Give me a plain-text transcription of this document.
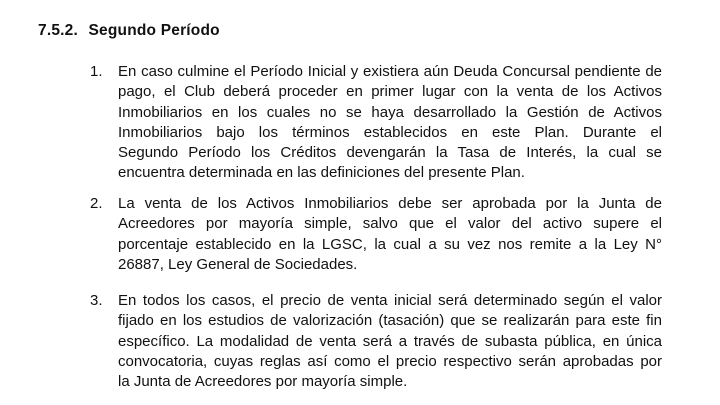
7.5.2. Segundo Período
1. En caso culmine el Período Inicial y existiera aún Deuda Concursal pendiente de
pago, el Club deberá proceder en primer lugar con la venta de los Activos
Inmobiliarios en los cuales no se haya desarrollado la Gestión de Activos
Inmobiliarios bajo los términos establecidos en este Plan. Durante el
Segundo Período los Créditos devengarán la Tasa de Interés, la cual se
encuentra determinada en las definiciones del presente Plan.
2. La venta de los Activos Inmobiliarios debe ser aprobada por la Junta de
Acreedores por mayoría simple, salvo que el valor del activo supere el
porcentaje establecido en la LGSC, la cual a su vez nos remite a la Ley N°
26887, Ley General de Sociedades.
3. En todos los casos, el precio de venta inicial será determinado según el valor
fijado en los estudios de valorización (tasación) que se realizarán para este fin
específico. La modalidad de venta será a través de subasta pública, en única
convocatoria, cuyas reglas así como el precio respectivo serán aprobadas por
la Junta de Acreedores por mayoría simple.
